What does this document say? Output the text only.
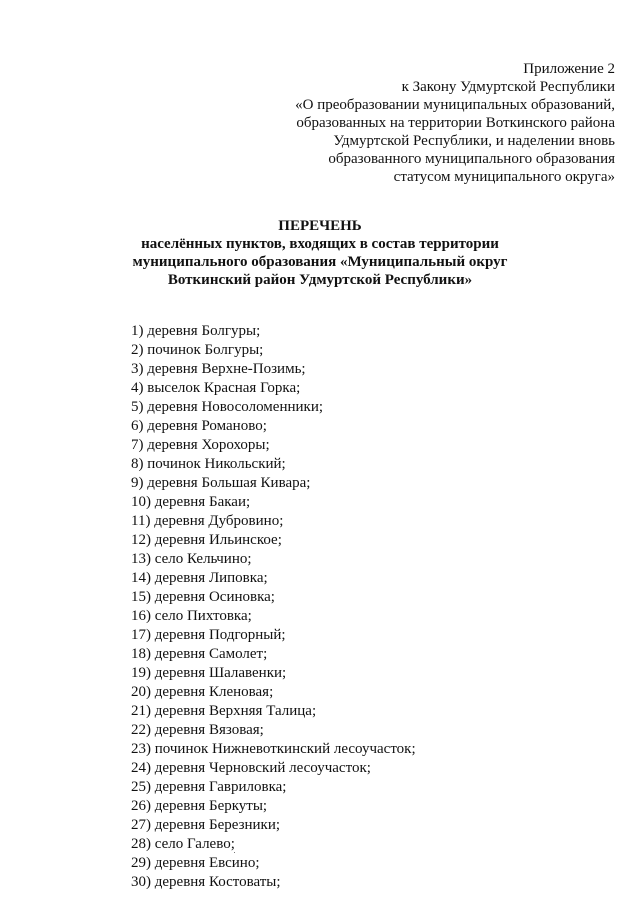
Приложение 2
к Закону Удмуртской Республики
«О преобразовании муниципальных образований,
образованных на территории Воткинского района
Удмуртской Республики, и наделении вновь
образованного муниципального образования
статусом муниципального округа»
ПЕРЕЧЕНЬ
населённых пунктов, входящих в состав территории
муниципального образования «Муниципальный округ
Воткинский район Удмуртской Республики»
1) деревня Болгуры;
2) починок Болгуры;
3) деревня Верхне-Позимь;
4) выселок Красная Горка;
5) деревня Новосоломенники;
6) деревня Романово;
7) деревня Хорохоры;
8) починок Никольский;
9) деревня Большая Кивара;
10) деревня Бакаи;
11) деревня Дубровино;
12) деревня Ильинское;
13) село Кельчино;
14) деревня Липовка;
15) деревня Осиновка;
16) село Пихтовка;
17) деревня Подгорный;
18) деревня Самолет;
19) деревня Шалавенки;
20) деревня Кленовая;
21) деревня Верхняя Талица;
22) деревня Вязовая;
23) починок Нижневоткинский лесоучасток;
24) деревня Черновский лесоучасток;
25) деревня Гавриловка;
26) деревня Беркуты;
27) деревня Березники;
28) село Галево;
29) деревня Евсино;
30) деревня Костоваты;
